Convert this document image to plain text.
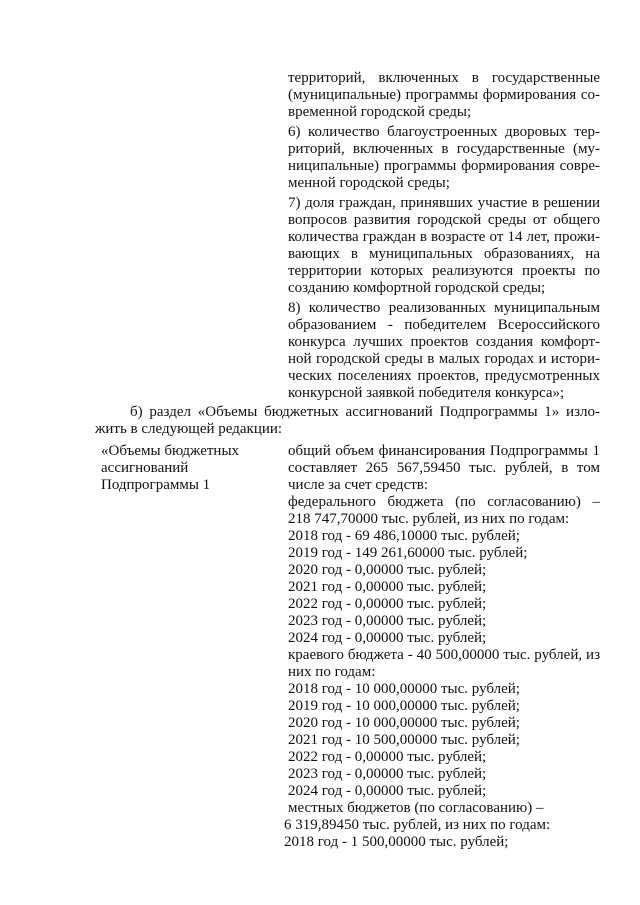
территорий, включенных в государственные
(муниципальные) программы формирования со-
временной городской среды;
6) количество благоустроенных дворовых тер-
риторий, включенных в государственные (му-
ниципальные) программы формирования совре-
менной городской среды;
7) доля граждан, принявших участие в решении
вопросов развития городской среды от общего
количества граждан в возрасте от 14 лет, прожи-
вающих в муниципальных образованиях, на
территории которых реализуются проекты по
созданию комфортной городской среды;
8) количество реализованных муниципальным
образованием - победителем Всероссийского
конкурса лучших проектов создания комфорт-
ной городской среды в малых городах и истори-
ческих поселениях проектов, предусмотренных
конкурсной заявкой победителя конкурса»;
б) раздел «Объемы бюджетных ассигнований Подпрограммы 1» изло-
жить в следующей редакции:
«Объемы бюджетных
ассигнований
Подпрограммы 1
общий объем финансирования Подпрограммы 1
составляет 265 567,59450 тыс. рублей, в том
числе за счет средств:
федерального бюджета (по согласованию) –
218 747,70000 тыс. рублей, из них по годам:
2018 год - 69 486,10000 тыс. рублей;
2019 год - 149 261,60000 тыс. рублей;
2020 год - 0,00000 тыс. рублей;
2021 год - 0,00000 тыс. рублей;
2022 год - 0,00000 тыс. рублей;
2023 год - 0,00000 тыс. рублей;
2024 год - 0,00000 тыс. рублей;
краевого бюджета - 40 500,00000 тыс. рублей, из
них по годам:
2018 год - 10 000,00000 тыс. рублей;
2019 год - 10 000,00000 тыс. рублей;
2020 год - 10 000,00000 тыс. рублей;
2021 год - 10 500,00000 тыс. рублей;
2022 год - 0,00000 тыс. рублей;
2023 год - 0,00000 тыс. рублей;
2024 год - 0,00000 тыс. рублей;
местных бюджетов (по согласованию) –
6 319,89450 тыс. рублей, из них по годам:
2018 год - 1 500,00000 тыс. рублей;
